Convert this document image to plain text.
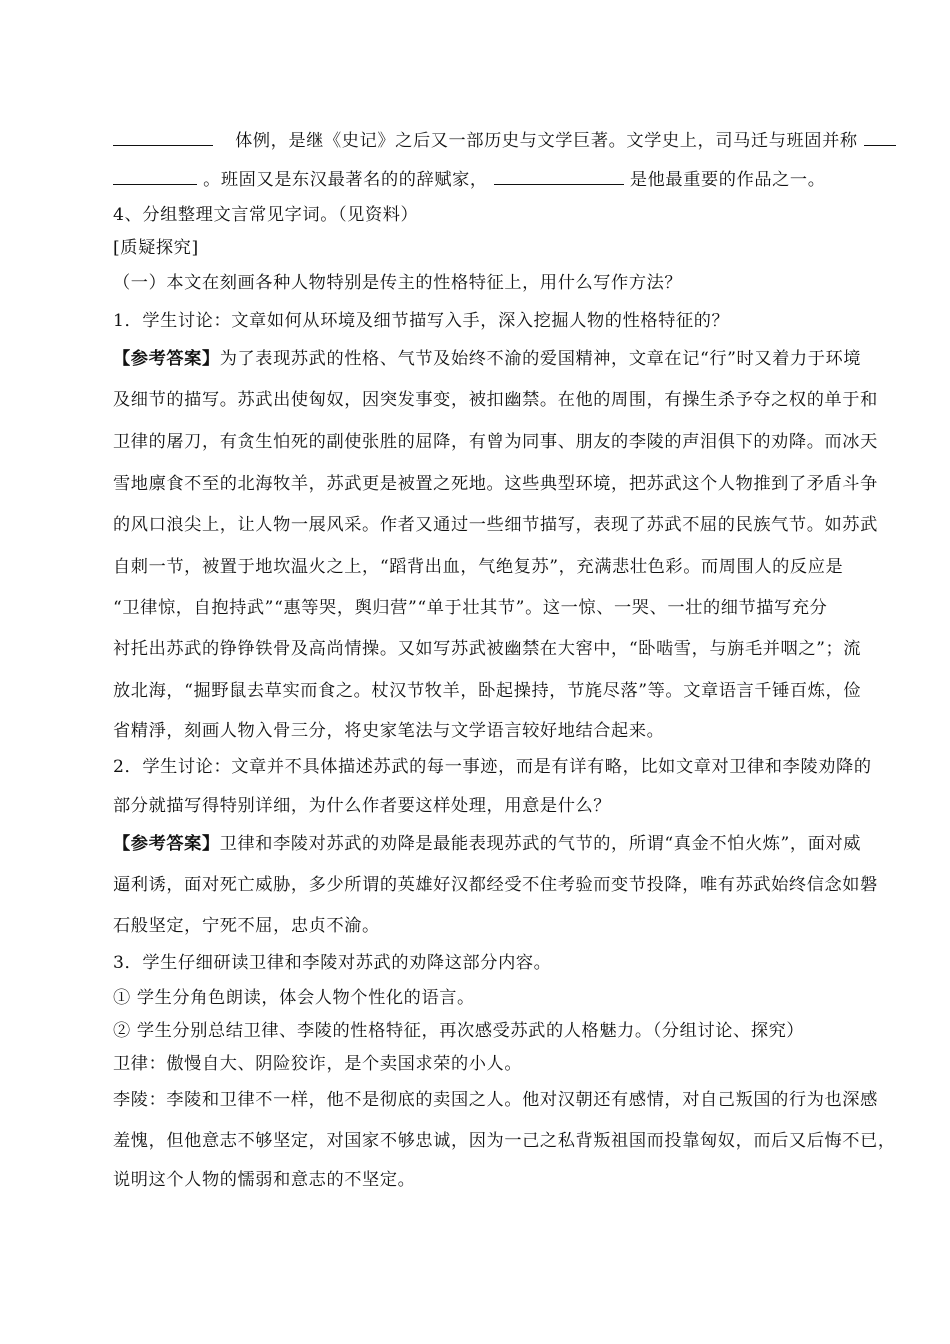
体例，是继《史记》之后又一部历史与文学巨著。文学史上，司马迁与班固并称
。班固又是东汉最著名的的辞赋家，	是他最重要的作品之一。
4、分组整理文言常见字词。（见资料）
[质疑探究]
（一）本文在刻画各种人物特别是传主的性格特征上，用什么写作方法？
1．学生讨论：文章如何从环境及细节描写入手，深入挖掘人物的性格特征的？
【参考答案】为了表现苏武的性格、气节及始终不渝的爱国精神，文章在记“行”时又着力于环境
及细节的描写。苏武出使匈奴，因突发事变，被扣幽禁。在他的周围，有操生杀予夺之权的单于和
卫律的屠刀，有贪生怕死的副使张胜的屈降，有曾为同事、朋友的李陵的声泪俱下的劝降。而冰天
雪地廪食不至的北海牧羊，苏武更是被置之死地。这些典型环境，把苏武这个人物推到了矛盾斗争
的风口浪尖上，让人物一展风采。作者又通过一些细节描写，表现了苏武不屈的民族气节。如苏武
自刺一节，被置于地坎温火之上，“蹈背出血，气绝复苏”，充满悲壮色彩。而周围人的反应是
“卫律惊，自抱持武”“惠等哭，舆归营”“单于壮其节”。这一惊、一哭、一壮的细节描写充分
衬托出苏武的铮铮铁骨及高尚情操。又如写苏武被幽禁在大窖中，“卧啮雪，与旃毛并咽之”；流
放北海，“掘野鼠去草实而食之。杖汉节牧羊，卧起操持，节旄尽落”等。文章语言千锤百炼，俭
省精淨，刻画人物入骨三分，将史家笔法与文学语言较好地结合起来。
2．学生讨论：文章并不具体描述苏武的每一事迹，而是有详有略，比如文章对卫律和李陵劝降的
部分就描写得特别详细，为什么作者要这样处理，用意是什么？
【参考答案】卫律和李陵对苏武的劝降是最能表现苏武的气节的，所谓“真金不怕火炼”，面对威
逼利诱，面对死亡威胁，多少所谓的英雄好汉都经受不住考验而变节投降，唯有苏武始终信念如磐
石般坚定，宁死不屈，忠贞不渝。
3．学生仔细研读卫律和李陵对苏武的劝降这部分内容。
① 学生分角色朗读，体会人物个性化的语言。
② 学生分别总结卫律、李陵的性格特征，再次感受苏武的人格魅力。（分组讨论、探究）
卫律：傲慢自大、阴险狡诈，是个卖国求荣的小人。
李陵：李陵和卫律不一样，他不是彻底的卖国之人。他对汉朝还有感情，对自己叛国的行为也深感
羞愧，但他意志不够坚定，对国家不够忠诚，因为一己之私背叛祖国而投靠匈奴，而后又后悔不已，
说明这个人物的懦弱和意志的不坚定。
